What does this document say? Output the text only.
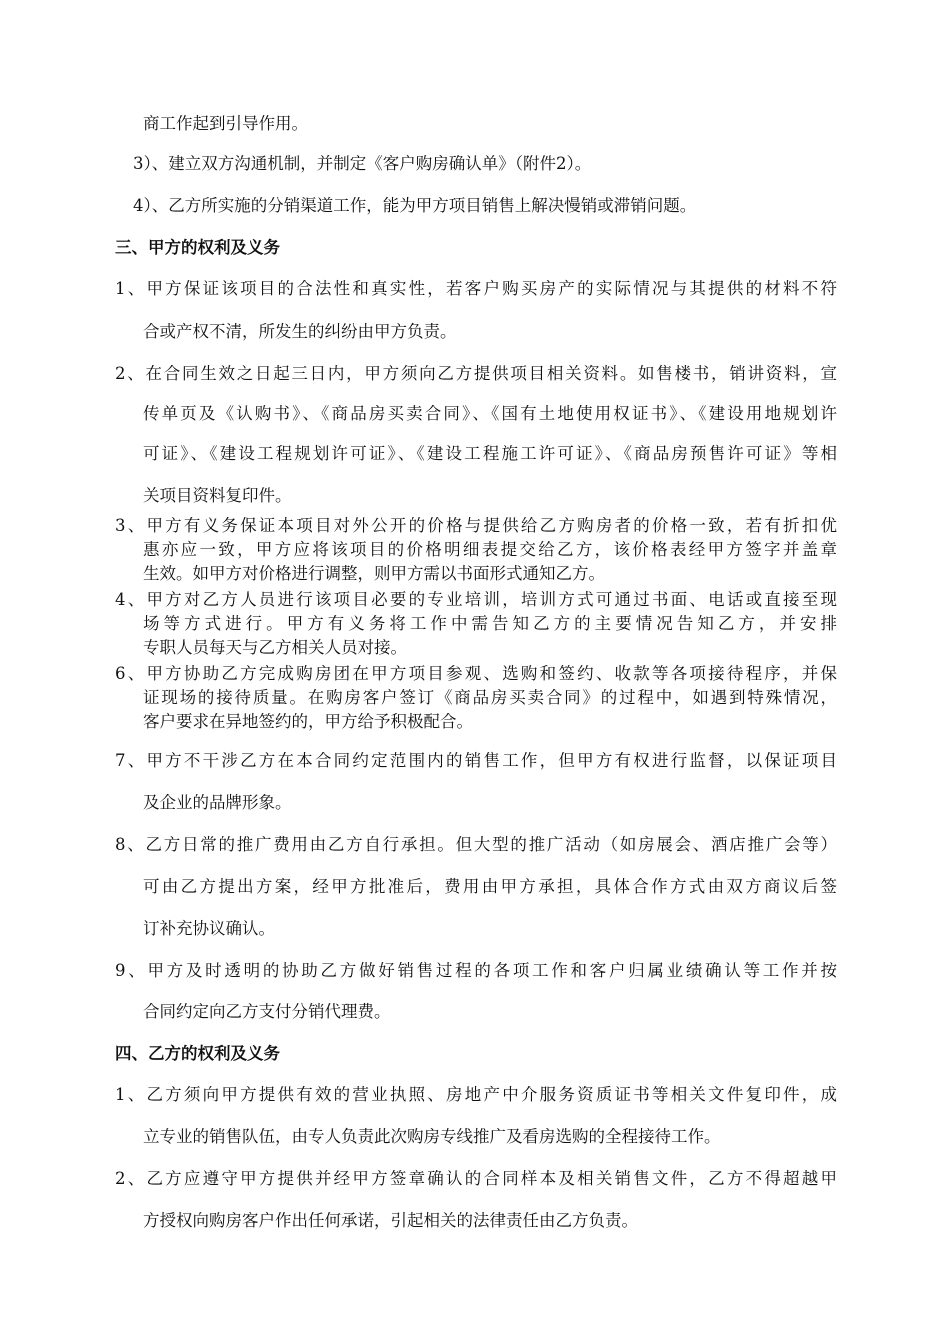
商工作起到引导作用。
3）、建立双方沟通机制，并制定《客户购房确认单》（附件2）。
4）、乙方所实施的分销渠道工作，能为甲方项目销售上解决慢销或滞销问题。
三、甲方的权利及义务
1、甲方保证该项目的合法性和真实性，若客户购买房产的实际情况与其提供的材料不符
合或产权不清，所发生的纠纷由甲方负责。
2、在合同生效之日起三日内，甲方须向乙方提供项目相关资料。如售楼书，销讲资料，宣
传单页及《认购书》、《商品房买卖合同》、《国有土地使用权证书》、《建设用地规划许
可证》、《建设工程规划许可证》、《建设工程施工许可证》、《商品房预售许可证》等相
关项目资料复印件。
3、甲方有义务保证本项目对外公开的价格与提供给乙方购房者的价格一致，若有折扣优
惠亦应一致，甲方应将该项目的价格明细表提交给乙方，该价格表经甲方签字并盖章
生效。如甲方对价格进行调整，则甲方需以书面形式通知乙方。
4、甲方对乙方人员进行该项目必要的专业培训，培训方式可通过书面、电话或直接至现
场等方式进行。甲方有义务将工作中需告知乙方的主要情况告知乙方，并安排
专职人员每天与乙方相关人员对接。
6、甲方协助乙方完成购房团在甲方项目参观、选购和签约、收款等各项接待程序，并保
证现场的接待质量。在购房客户签订《商品房买卖合同》的过程中，如遇到特殊情况，
客户要求在异地签约的，甲方给予积极配合。
7、甲方不干涉乙方在本合同约定范围内的销售工作，但甲方有权进行监督，以保证项目
及企业的品牌形象。
8、乙方日常的推广费用由乙方自行承担。但大型的推广活动（如房展会、酒店推广会等）
可由乙方提出方案，经甲方批准后，费用由甲方承担，具体合作方式由双方商议后签
订补充协议确认。
9、甲方及时透明的协助乙方做好销售过程的各项工作和客户归属业绩确认等工作并按
合同约定向乙方支付分销代理费。
四、乙方的权利及义务
1、乙方须向甲方提供有效的营业执照、房地产中介服务资质证书等相关文件复印件，成
立专业的销售队伍，由专人负责此次购房专线推广及看房选购的全程接待工作。
2、乙方应遵守甲方提供并经甲方签章确认的合同样本及相关销售文件，乙方不得超越甲
方授权向购房客户作出任何承诺，引起相关的法律责任由乙方负责。
